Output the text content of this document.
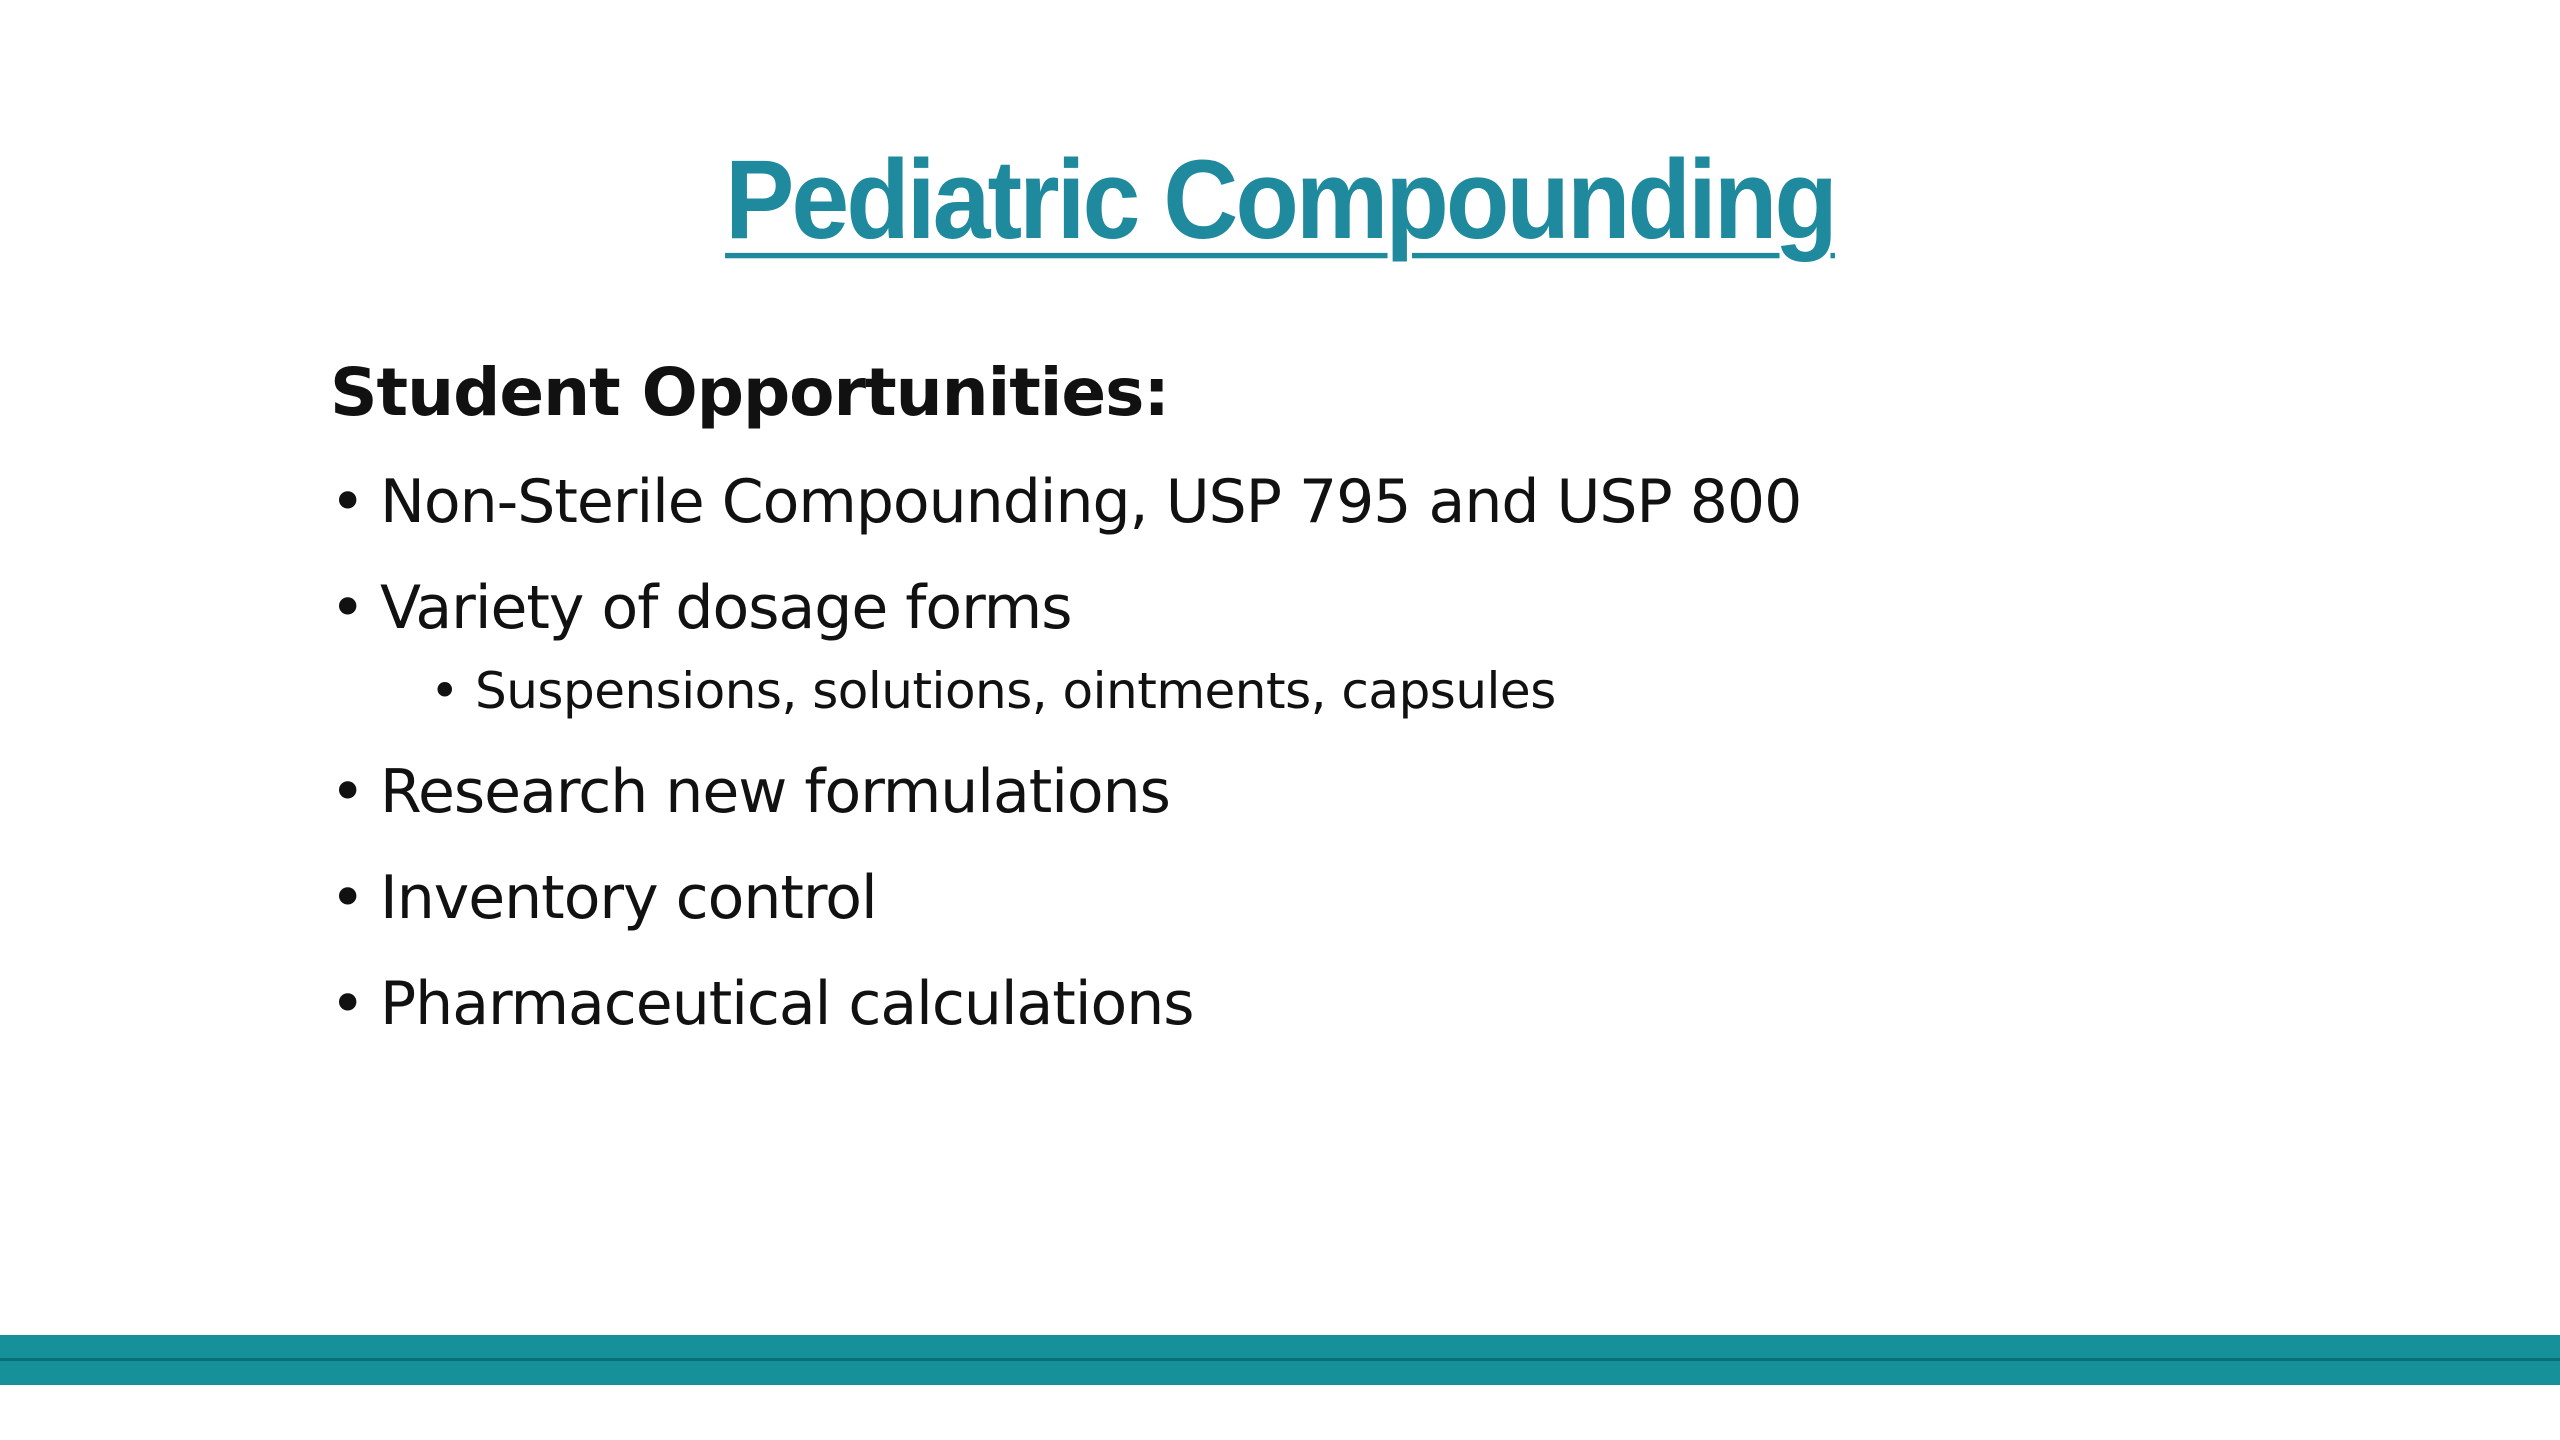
Pediatric Compounding
Student Opportunities:
• Non-Sterile Compounding, USP 795 and USP 800
• Variety of dosage forms
• Suspensions, solutions, ointments, capsules
• Research new formulations
• Inventory control
• Pharmaceutical calculations
